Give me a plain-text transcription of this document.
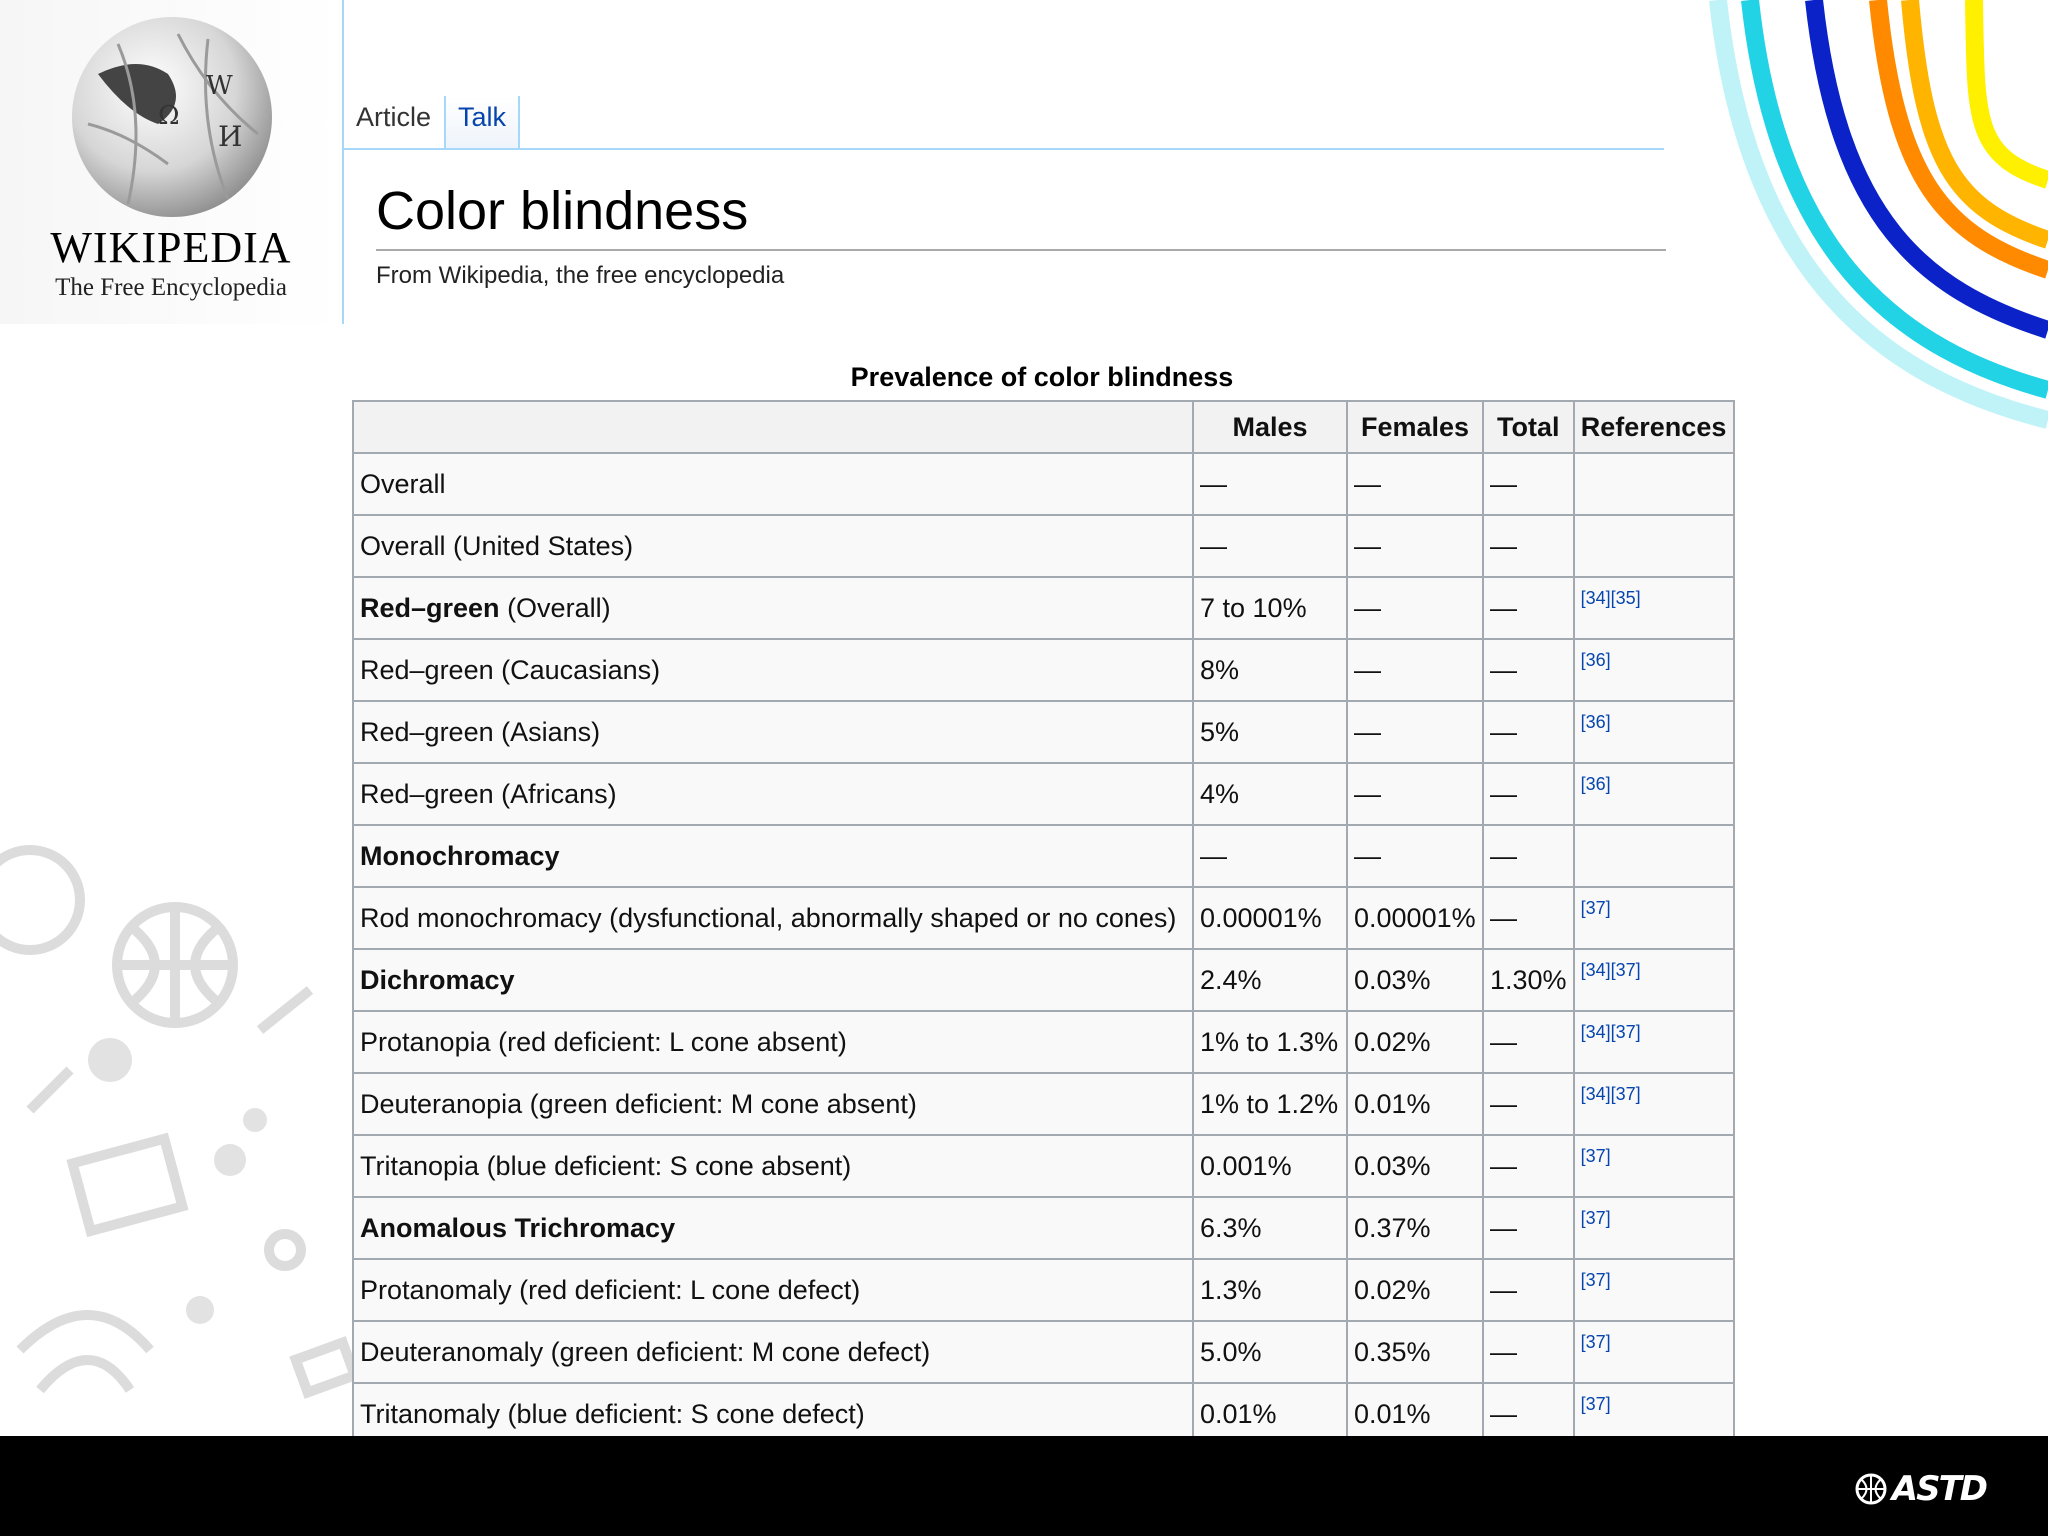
Ω
W
И
WIKIPEDIA
The Free Encyclopedia
Article Talk
Color blindness
From Wikipedia, the free encyclopedia
Prevalence of color blindness
	Males	Females	Total	References
Overall	—	—	—	
Overall (United States)	—	—	—	
Red–green (Overall)	7 to 10%	—	—	[34][35]
Red–green (Caucasians)	8%	—	—	[36]
Red–green (Asians)	5%	—	—	[36]
Red–green (Africans)	4%	—	—	[36]
Monochromacy	—	—	—	
Rod monochromacy (dysfunctional, abnormally shaped or no cones)	0.00001%	0.00001%	—	[37]
Dichromacy	2.4%	0.03%	1.30%	[34][37]
Protanopia (red deficient: L cone absent)	1% to 1.3%	0.02%	—	[34][37]
Deuteranopia (green deficient: M cone absent)	1% to 1.2%	0.01%	—	[34][37]
Tritanopia (blue deficient: S cone absent)	0.001%	0.03%	—	[37]
Anomalous Trichromacy	6.3%	0.37%	—	[37]
Protanomaly (red deficient: L cone defect)	1.3%	0.02%	—	[37]
Deuteranomaly (green deficient: M cone defect)	5.0%	0.35%	—	[37]
Tritanomaly (blue deficient: S cone defect)	0.01%	0.01%	—	[37]
ASTD
